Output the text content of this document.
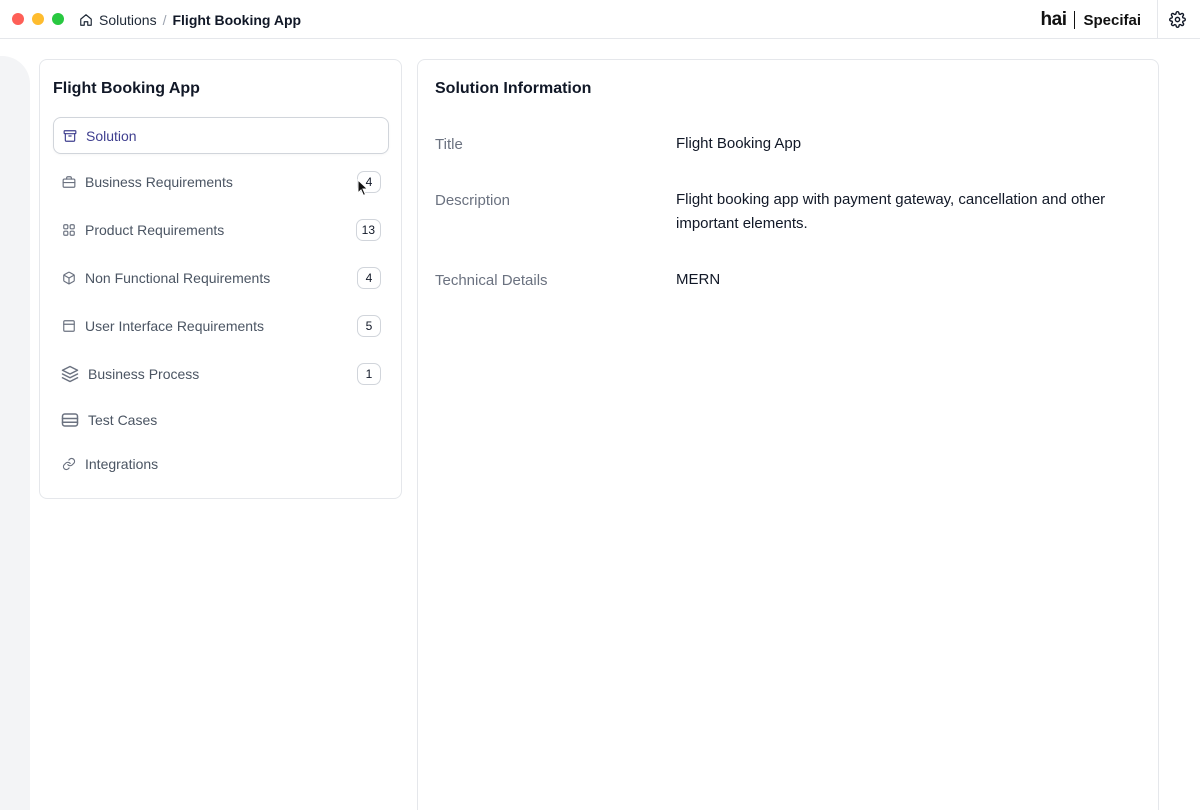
Solutions / Flight Booking App	hai Specifai
Flight Booking App
Solution
Business Requirements	4
Product Requirements	13
Non Functional Requirements	4
User Interface Requirements	5
Business Process	1
Test Cases
Integrations
Solution Information
Title	Flight Booking App
Description	Flight booking app with payment gateway, cancellation and other important elements.
Technical Details	MERN
